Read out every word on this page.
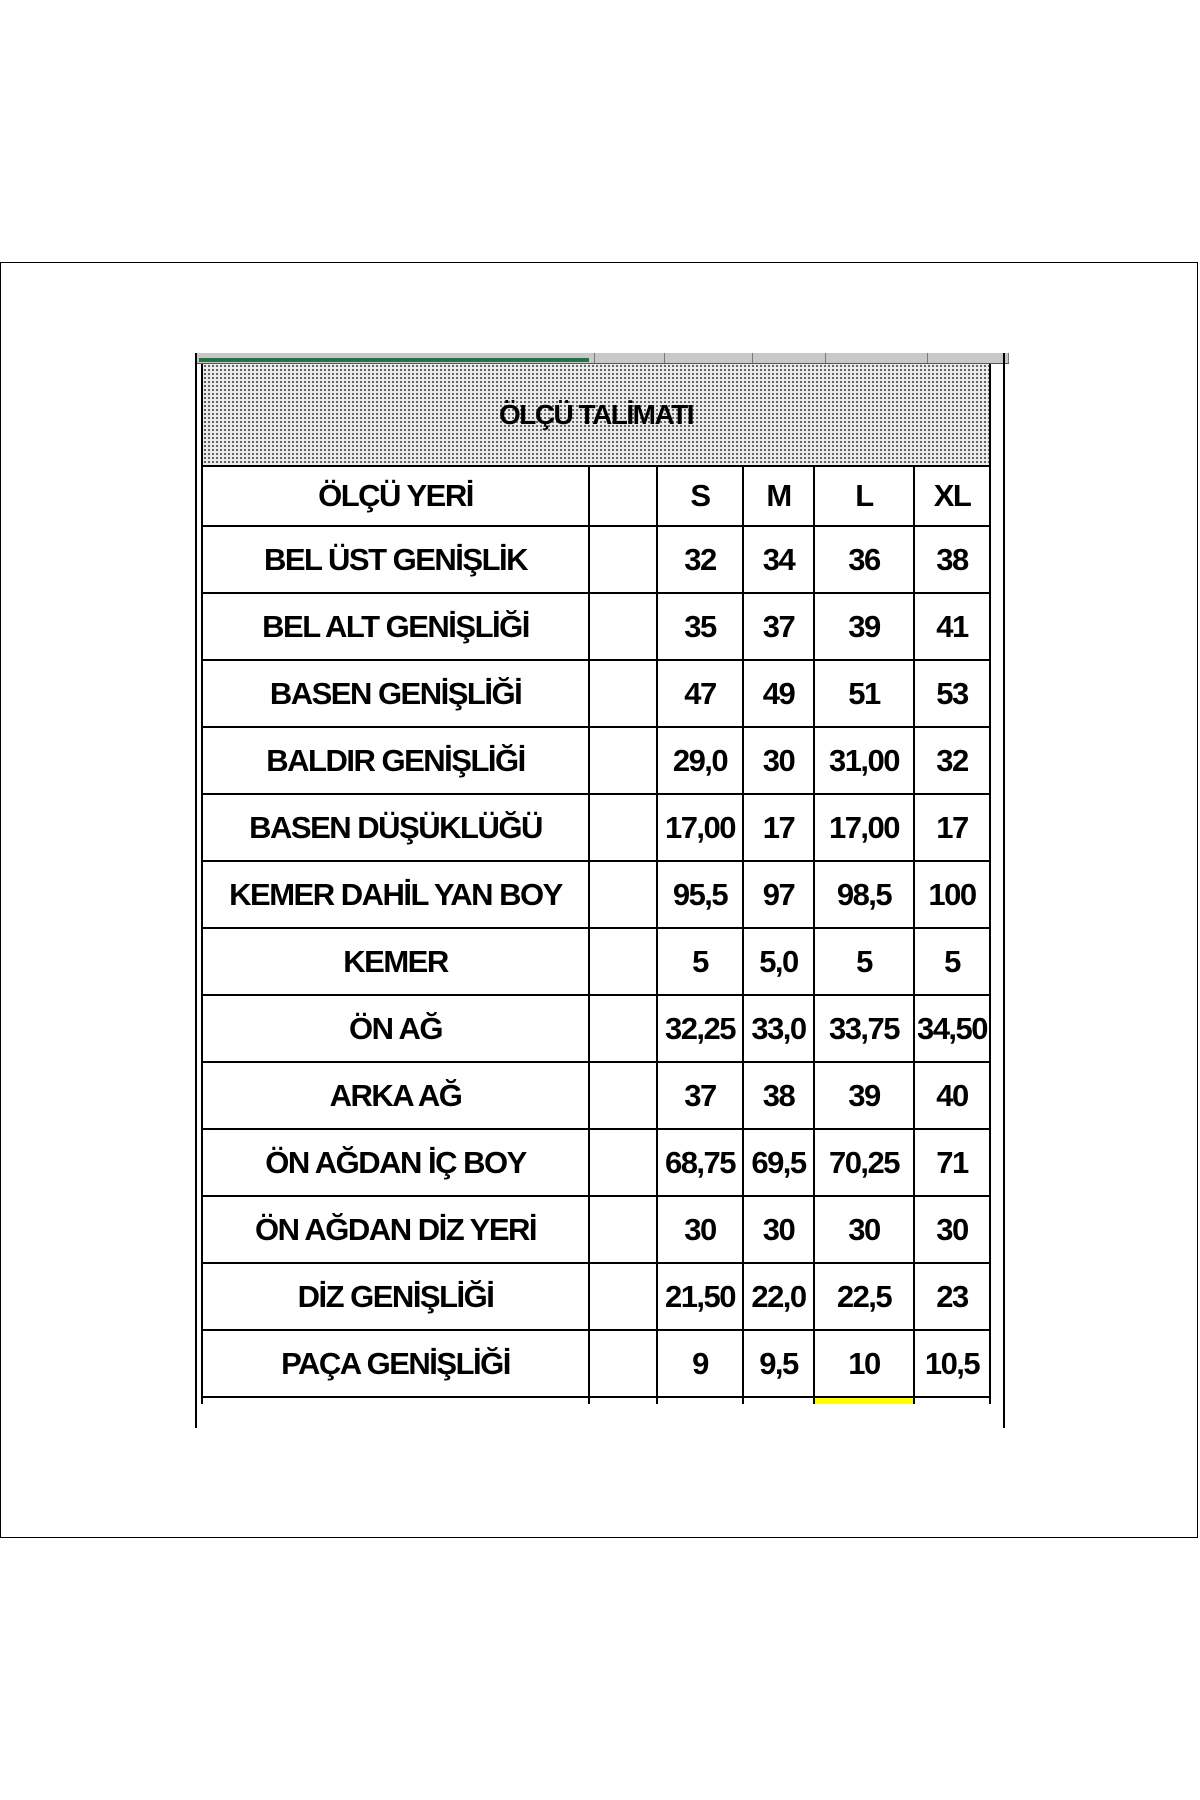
ÖLÇÜ TALİMATI					
ÖLÇÜ YERİ		S	M	L	XL
BEL ÜST GENİŞLİK		32	34	36	38
BEL ALT GENİŞLİĞİ		35	37	39	41
BASEN GENİŞLİĞİ		47	49	51	53
BALDIR GENİŞLİĞİ		29,0	30	31,00	32
BASEN DÜŞÜKLÜĞÜ		17,00	17	17,00	17
KEMER DAHİL YAN BOY		95,5	97	98,5	100
KEMER		5	5,0	5	5
ÖN AĞ		32,25	33,0	33,75	34,50
ARKA AĞ		37	38	39	40
ÖN AĞDAN İÇ BOY		68,75	69,5	70,25	71
ÖN AĞDAN DİZ YERİ		30	30	30	30
DİZ GENİŞLİĞİ		21,50	22,0	22,5	23
PAÇA GENİŞLİĞİ		9	9,5	10	10,5
